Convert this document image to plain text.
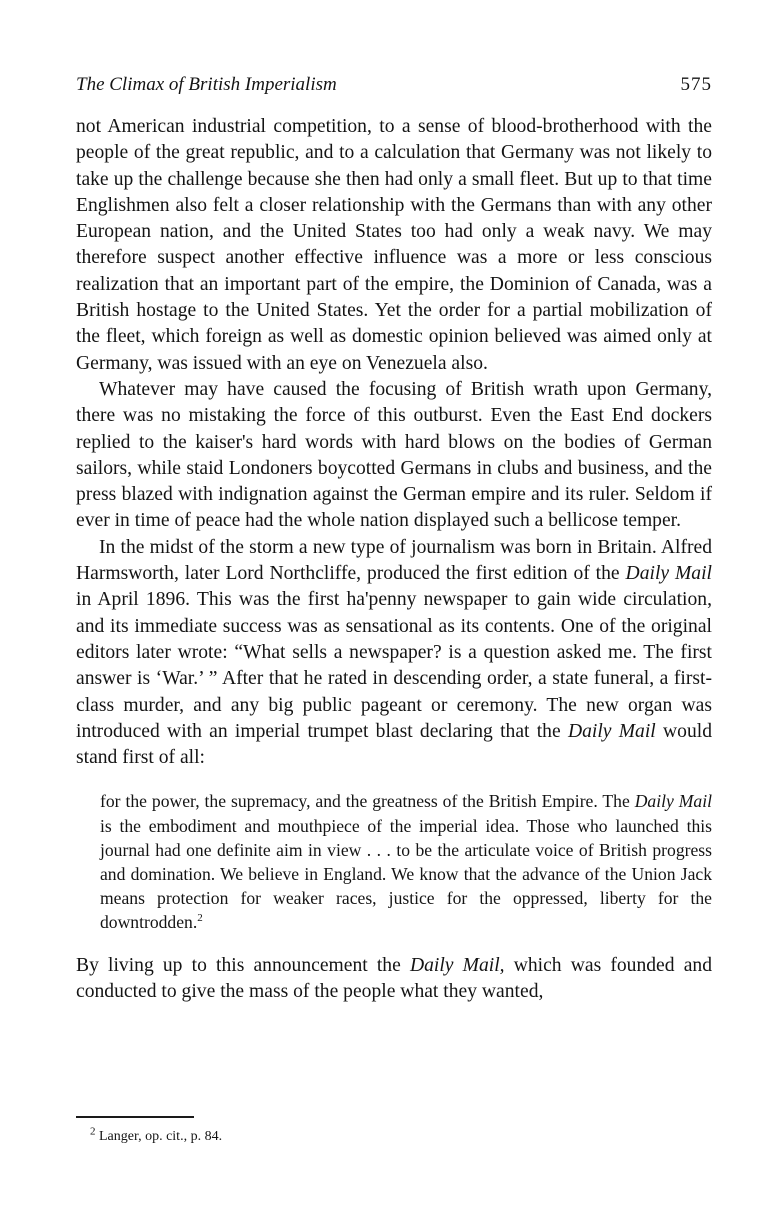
The Climax of British Imperialism	575

not American industrial competition, to a sense of blood-brotherhood with the people of the great republic, and to a calculation that Germany was not likely to take up the challenge because she then had only a small fleet. But up to that time Englishmen also felt a closer relationship with the Germans than with any other European nation, and the United States too had only a weak navy. We may therefore suspect another effective influence was a more or less conscious realization that an important part of the empire, the Dominion of Canada, was a British hostage to the United States. Yet the order for a partial mobilization of the fleet, which foreign as well as domestic opinion believed was aimed only at Germany, was issued with an eye on Venezuela also.

Whatever may have caused the focusing of British wrath upon Germany, there was no mistaking the force of this outburst. Even the East End dockers replied to the kaiser's hard words with hard blows on the bodies of German sailors, while staid Londoners boycotted Germans in clubs and business, and the press blazed with indignation against the German empire and its ruler. Seldom if ever in time of peace had the whole nation displayed such a bellicose temper.

In the midst of the storm a new type of journalism was born in Britain. Alfred Harmsworth, later Lord Northcliffe, produced the first edition of the Daily Mail in April 1896. This was the first ha'penny newspaper to gain wide circulation, and its immediate success was as sensational as its contents. One of the original editors later wrote: “What sells a newspaper? is a question asked me. The first answer is ‘War.’ ” After that he rated in descending order, a state funeral, a first-class murder, and any big public pageant or ceremony. The new organ was introduced with an imperial trumpet blast declaring that the Daily Mail would stand first of all:

for the power, the supremacy, and the greatness of the British Empire. The Daily Mail is the embodiment and mouthpiece of the imperial idea. Those who launched this journal had one definite aim in view . . . to be the articulate voice of British progress and domination. We believe in England. We know that the advance of the Union Jack means protection for weaker races, justice for the oppressed, liberty for the downtrodden.$^2$

By living up to this announcement the Daily Mail, which was founded and conducted to give the mass of the people what they wanted,

$^2$ Langer, op. cit., p. 84.
